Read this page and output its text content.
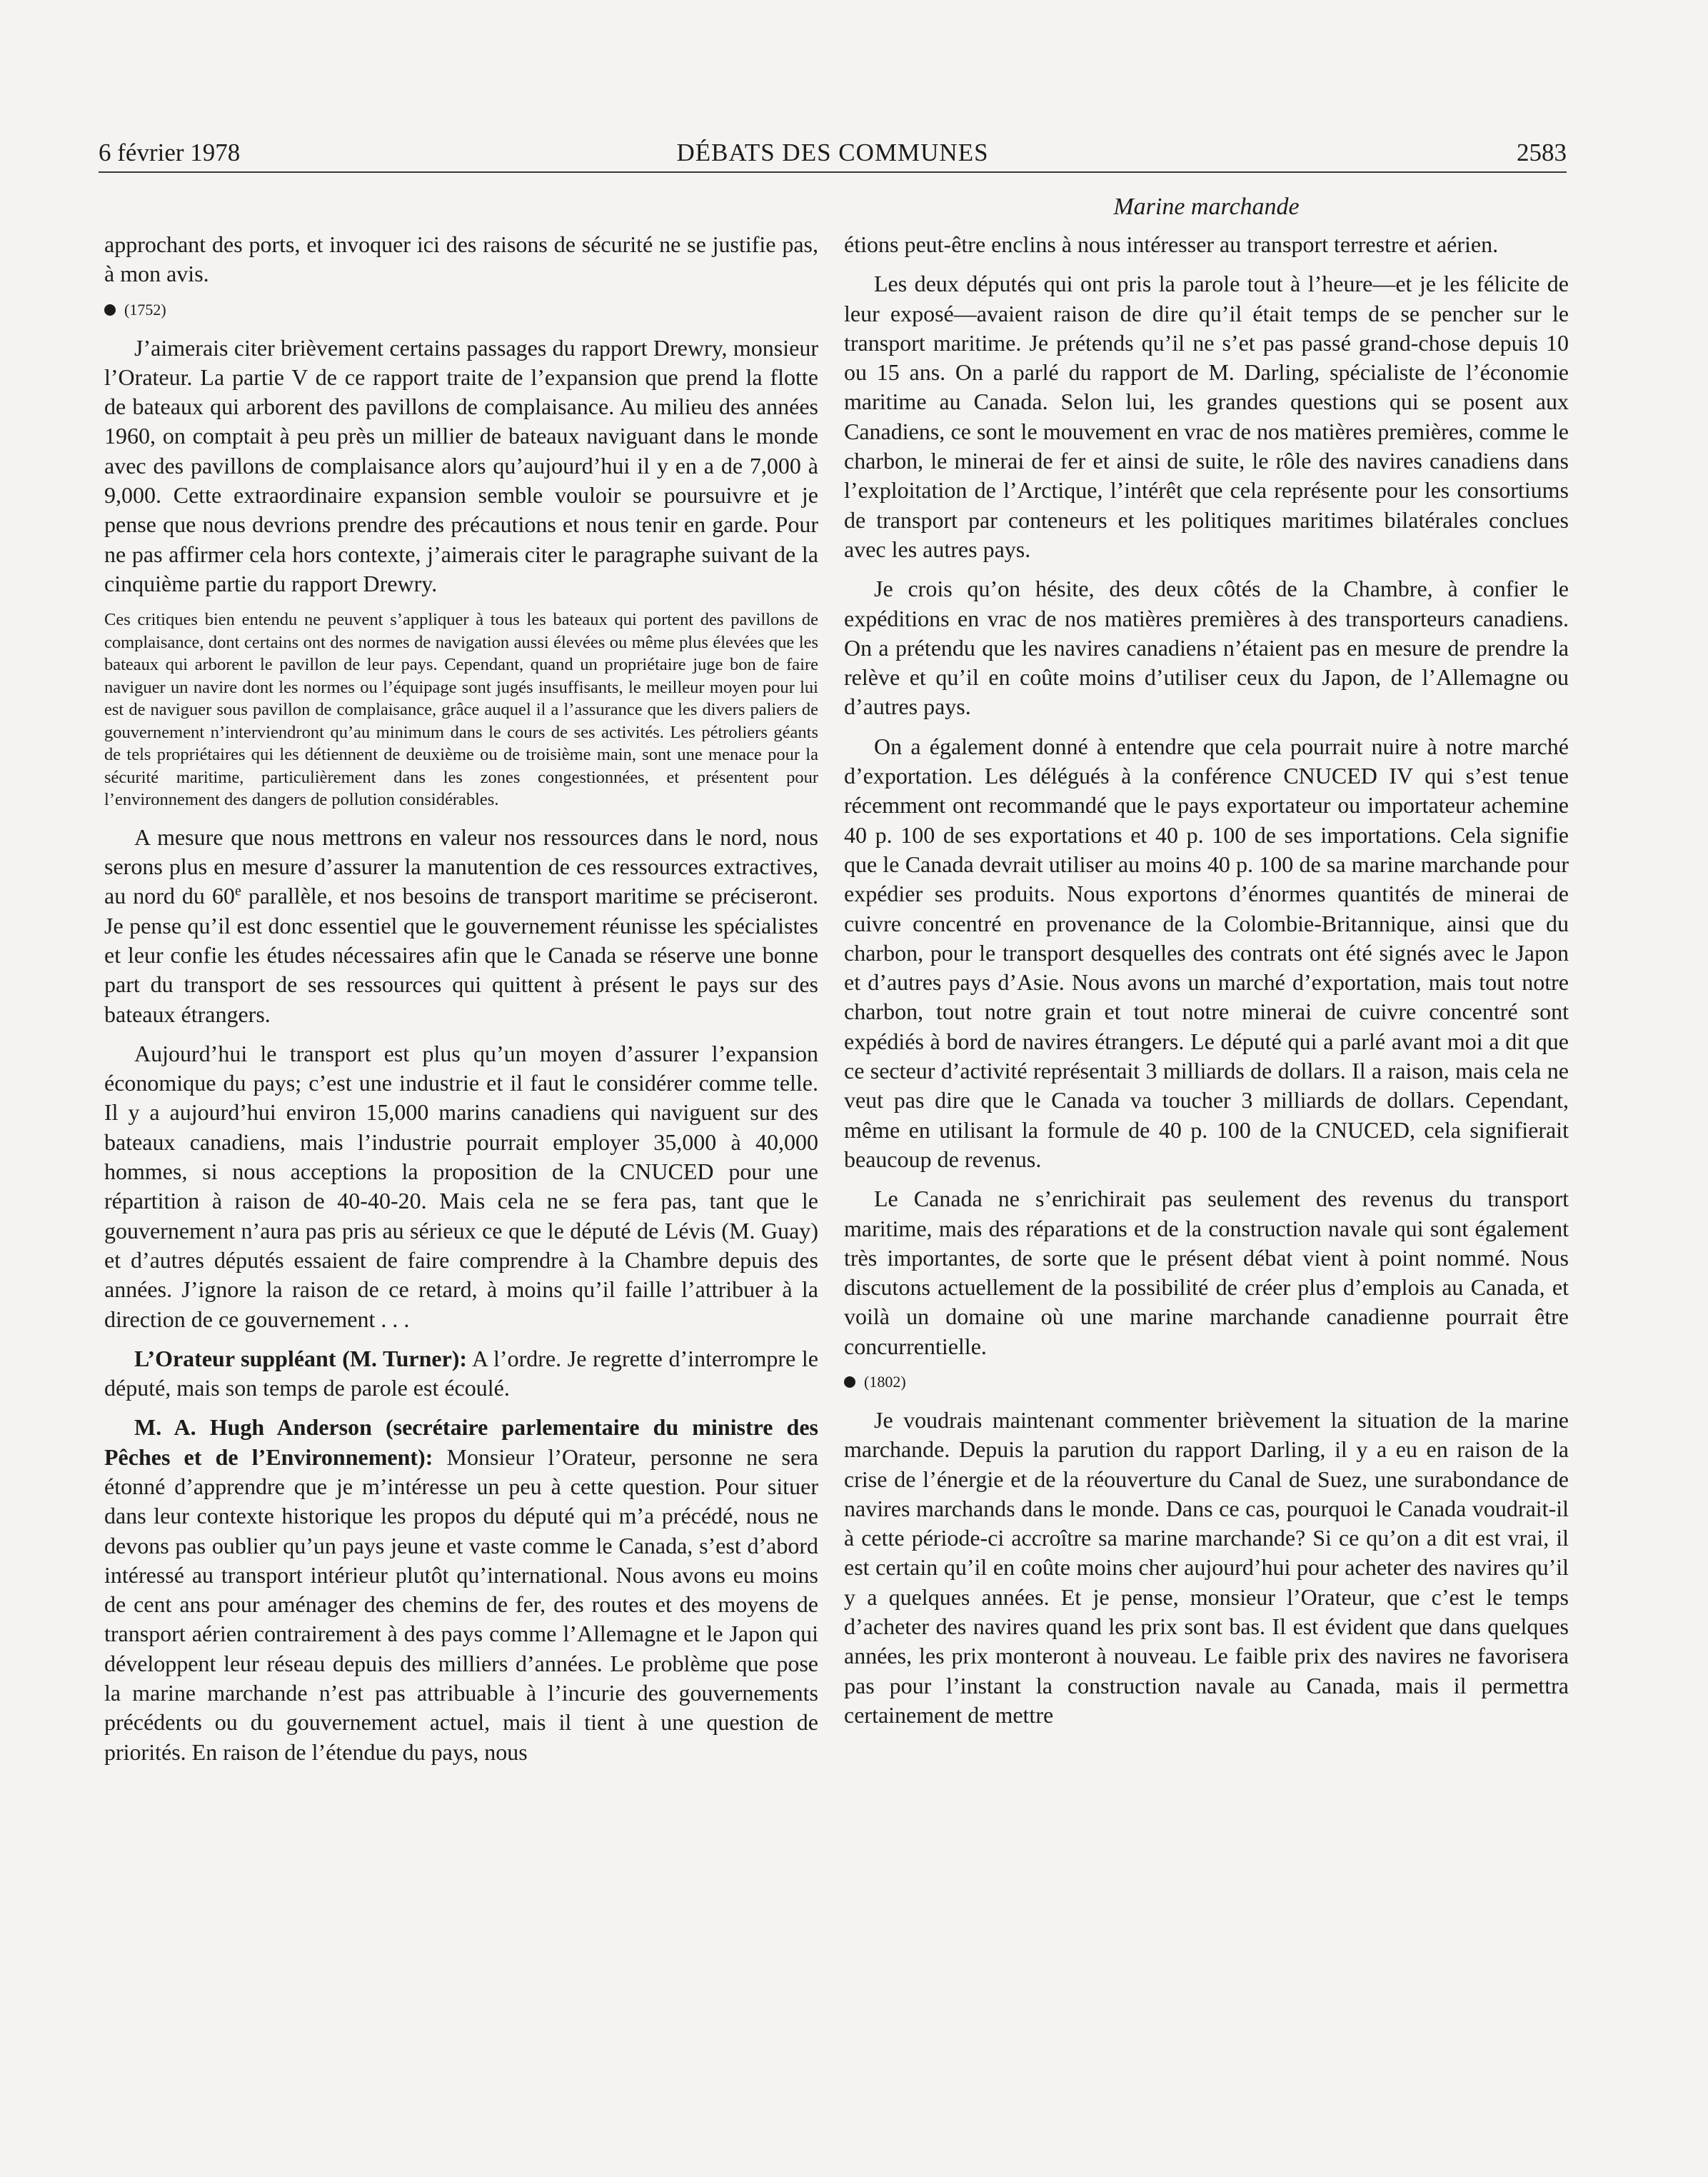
6 février 1978	DÉBATS DES COMMUNES	2583
Marine marchande

approchant des ports, et invoquer ici des raisons de sécurité ne se justifie pas, à mon avis.

(1752)

J’aimerais citer brièvement certains passages du rapport Drewry, monsieur l’Orateur. La partie V de ce rapport traite de l’expansion que prend la flotte de bateaux qui arborent des pavillons de complaisance. Au milieu des années 1960, on comptait à peu près un millier de bateaux naviguant dans le monde avec des pavillons de complaisance alors qu’aujourd’hui il y en a de 7,000 à 9,000. Cette extraordinaire expansion semble vouloir se poursuivre et je pense que nous devrions prendre des précautions et nous tenir en garde. Pour ne pas affirmer cela hors contexte, j’aimerais citer le paragraphe suivant de la cinquième partie du rapport Drewry.

Ces critiques bien entendu ne peuvent s’appliquer à tous les bateaux qui portent des pavillons de complaisance, dont certains ont des normes de navigation aussi élevées ou même plus élevées que les bateaux qui arborent le pavillon de leur pays. Cependant, quand un propriétaire juge bon de faire naviguer un navire dont les normes ou l’équipage sont jugés insuffisants, le meilleur moyen pour lui est de naviguer sous pavillon de complaisance, grâce auquel il a l’assurance que les divers paliers de gouvernement n’interviendront qu’au minimum dans le cours de ses activités. Les pétroliers géants de tels propriétaires qui les détiennent de deuxième ou de troisième main, sont une menace pour la sécurité maritime, particulièrement dans les zones congestionnées, et présentent pour l’environnement des dangers de pollution considérables.

A mesure que nous mettrons en valeur nos ressources dans le nord, nous serons plus en mesure d’assurer la manutention de ces ressources extractives, au nord du 60e parallèle, et nos besoins de transport maritime se préciseront. Je pense qu’il est donc essentiel que le gouvernement réunisse les spécialistes et leur confie les études nécessaires afin que le Canada se réserve une bonne part du transport de ses ressources qui quittent à présent le pays sur des bateaux étrangers.

Aujourd’hui le transport est plus qu’un moyen d’assurer l’expansion économique du pays; c’est une industrie et il faut le considérer comme telle. Il y a aujourd’hui environ 15,000 marins canadiens qui naviguent sur des bateaux canadiens, mais l’industrie pourrait employer 35,000 à 40,000 hommes, si nous acceptions la proposition de la CNUCED pour une répartition à raison de 40-40-20. Mais cela ne se fera pas, tant que le gouvernement n’aura pas pris au sérieux ce que le député de Lévis (M. Guay) et d’autres députés essaient de faire comprendre à la Chambre depuis des années. J’ignore la raison de ce retard, à moins qu’il faille l’attribuer à la direction de ce gouvernement . . .

L’Orateur suppléant (M. Turner): A l’ordre. Je regrette d’interrompre le député, mais son temps de parole est écoulé.

M. A. Hugh Anderson (secrétaire parlementaire du ministre des Pêches et de l’Environnement): Monsieur l’Orateur, personne ne sera étonné d’apprendre que je m’intéresse un peu à cette question. Pour situer dans leur contexte historique les propos du député qui m’a précédé, nous ne devons pas oublier qu’un pays jeune et vaste comme le Canada, s’est d’abord intéressé au transport intérieur plutôt qu’international. Nous avons eu moins de cent ans pour aménager des chemins de fer, des routes et des moyens de transport aérien contrairement à des pays comme l’Allemagne et le Japon qui développent leur réseau depuis des milliers d’années. Le problème que pose la marine marchande n’est pas attribuable à l’incurie des gouvernements précédents ou du gouvernement actuel, mais il tient à une question de priorités. En raison de l’étendue du pays, nous

étions peut-être enclins à nous intéresser au transport terrestre et aérien.

Les deux députés qui ont pris la parole tout à l’heure—et je les félicite de leur exposé—avaient raison de dire qu’il était temps de se pencher sur le transport maritime. Je prétends qu’il ne s’et pas passé grand-chose depuis 10 ou 15 ans. On a parlé du rapport de M. Darling, spécialiste de l’économie maritime au Canada. Selon lui, les grandes questions qui se posent aux Canadiens, ce sont le mouvement en vrac de nos matières premières, comme le charbon, le minerai de fer et ainsi de suite, le rôle des navires canadiens dans l’exploitation de l’Arctique, l’intérêt que cela représente pour les consortiums de transport par conteneurs et les politiques maritimes bilatérales conclues avec les autres pays.

Je crois qu’on hésite, des deux côtés de la Chambre, à confier le expéditions en vrac de nos matières premières à des transporteurs canadiens. On a prétendu que les navires canadiens n’étaient pas en mesure de prendre la relève et qu’il en coûte moins d’utiliser ceux du Japon, de l’Allemagne ou d’autres pays.

On a également donné à entendre que cela pourrait nuire à notre marché d’exportation. Les délégués à la conférence CNUCED IV qui s’est tenue récemment ont recommandé que le pays exportateur ou importateur achemine 40 p. 100 de ses exportations et 40 p. 100 de ses importations. Cela signifie que le Canada devrait utiliser au moins 40 p. 100 de sa marine marchande pour expédier ses produits. Nous exportons d’énormes quantités de minerai de cuivre concentré en provenance de la Colombie-Britannique, ainsi que du charbon, pour le transport desquelles des contrats ont été signés avec le Japon et d’autres pays d’Asie. Nous avons un marché d’exportation, mais tout notre charbon, tout notre grain et tout notre minerai de cuivre concentré sont expédiés à bord de navires étrangers. Le député qui a parlé avant moi a dit que ce secteur d’activité représentait 3 milliards de dollars. Il a raison, mais cela ne veut pas dire que le Canada va toucher 3 milliards de dollars. Cependant, même en utilisant la formule de 40 p. 100 de la CNUCED, cela signifierait beaucoup de revenus.

Le Canada ne s’enrichirait pas seulement des revenus du transport maritime, mais des réparations et de la construction navale qui sont également très importantes, de sorte que le présent débat vient à point nommé. Nous discutons actuellement de la possibilité de créer plus d’emplois au Canada, et voilà un domaine où une marine marchande canadienne pourrait être concurrentielle.

(1802)

Je voudrais maintenant commenter brièvement la situation de la marine marchande. Depuis la parution du rapport Darling, il y a eu en raison de la crise de l’énergie et de la réouverture du Canal de Suez, une surabondance de navires marchands dans le monde. Dans ce cas, pourquoi le Canada voudrait-il à cette période-ci accroître sa marine marchande? Si ce qu’on a dit est vrai, il est certain qu’il en coûte moins cher aujourd’hui pour acheter des navires qu’il y a quelques années. Et je pense, monsieur l’Orateur, que c’est le temps d’acheter des navires quand les prix sont bas. Il est évident que dans quelques années, les prix monteront à nouveau. Le faible prix des navires ne favorisera pas pour l’instant la construction navale au Canada, mais il permettra certainement de mettre
